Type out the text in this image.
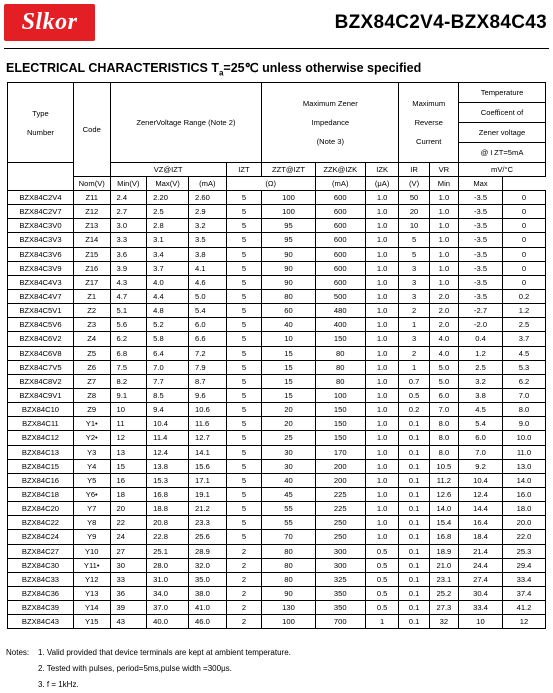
Slkor	BZX84C2V4-BZX84C43
ELECTRICAL CHARACTERISTICS $T_a=25℃$ unless otherwise specified
Type
Number	Code	ZenerVoltage Range (Note 2)				Maximum Zener
Impedance
(Note 3)			Maximum
Reverse
Current		Temperature	
											Coefficent of	
											Zener voltage	
											@ I ZT=5mA	
		VZ@IZT			IZT	ZZT@IZT	ZZK@IZK	IZK	IR	VR	mV/°C	
	Nom(V)	Min(V)	Max(V)	(mA)	(Ω)		(mA)	(μA)	(V)	Min	Max	
BZX84C2V4	Z11	2.4	2.20	2.60	5	100	600	1.0	50	1.0	-3.5	0
BZX84C2V7	Z12	2.7	2.5	2.9	5	100	600	1.0	20	1.0	-3.5	0
BZX84C3V0	Z13	3.0	2.8	3.2	5	95	600	1.0	10	1.0	-3.5	0
BZX84C3V3	Z14	3.3	3.1	3.5	5	95	600	1.0	5	1.0	-3.5	0
BZX84C3V6	Z15	3.6	3.4	3.8	5	90	600	1.0	5	1.0	-3.5	0
BZX84C3V9	Z16	3.9	3.7	4.1	5	90	600	1.0	3	1.0	-3.5	0
BZX84C4V3	Z17	4.3	4.0	4.6	5	90	600	1.0	3	1.0	-3.5	0
BZX84C4V7	Z1	4.7	4.4	5.0	5	80	500	1.0	3	2.0	-3.5	0.2
BZX84C5V1	Z2	5.1	4.8	5.4	5	60	480	1.0	2	2.0	-2.7	1.2
BZX84C5V6	Z3	5.6	5.2	6.0	5	40	400	1.0	1	2.0	-2.0	2.5
BZX84C6V2	Z4	6.2	5.8	6.6	5	10	150	1.0	3	4.0	0.4	3.7
BZX84C6V8	Z5	6.8	6.4	7.2	5	15	80	1.0	2	4.0	1.2	4.5
BZX84C7V5	Z6	7.5	7.0	7.9	5	15	80	1.0	1	5.0	2.5	5.3
BZX84C8V2	Z7	8.2	7.7	8.7	5	15	80	1.0	0.7	5.0	3.2	6.2
BZX84C9V1	Z8	9.1	8.5	9.6	5	15	100	1.0	0.5	6.0	3.8	7.0
BZX84C10	Z9	10	9.4	10.6	5	20	150	1.0	0.2	7.0	4.5	8.0
BZX84C11	Y1•	11	10.4	11.6	5	20	150	1.0	0.1	8.0	5.4	9.0
BZX84C12	Y2•	12	11.4	12.7	5	25	150	1.0	0.1	8.0	6.0	10.0
BZX84C13	Y3	13	12.4	14.1	5	30	170	1.0	0.1	8.0	7.0	11.0
BZX84C15	Y4	15	13.8	15.6	5	30	200	1.0	0.1	10.5	9.2	13.0
BZX84C16	Y5	16	15.3	17.1	5	40	200	1.0	0.1	11.2	10.4	14.0
BZX84C18	Y6•	18	16.8	19.1	5	45	225	1.0	0.1	12.6	12.4	16.0
BZX84C20	Y7	20	18.8	21.2	5	55	225	1.0	0.1	14.0	14.4	18.0
BZX84C22	Y8	22	20.8	23.3	5	55	250	1.0	0.1	15.4	16.4	20.0
BZX84C24	Y9	24	22.8	25.6	5	70	250	1.0	0.1	16.8	18.4	22.0
BZX84C27	Y10	27	25.1	28.9	2	80	300	0.5	0.1	18.9	21.4	25.3
BZX84C30	Y11•	30	28.0	32.0	2	80	300	0.5	0.1	21.0	24.4	29.4
BZX84C33	Y12	33	31.0	35.0	2	80	325	0.5	0.1	23.1	27.4	33.4
BZX84C36	Y13	36	34.0	38.0	2	90	350	0.5	0.1	25.2	30.4	37.4
BZX84C39	Y14	39	37.0	41.0	2	130	350	0.5	0.1	27.3	33.4	41.2
BZX84C43	Y15	43	40.0	46.0	2	100	700	1	0.1	32	10	12
Notes:	1. Valid provided that device terminals are kept at ambient temperature.
2. Tested with pulses, period=5ms,pulse width =300μs.
3. f = 1kHz.
